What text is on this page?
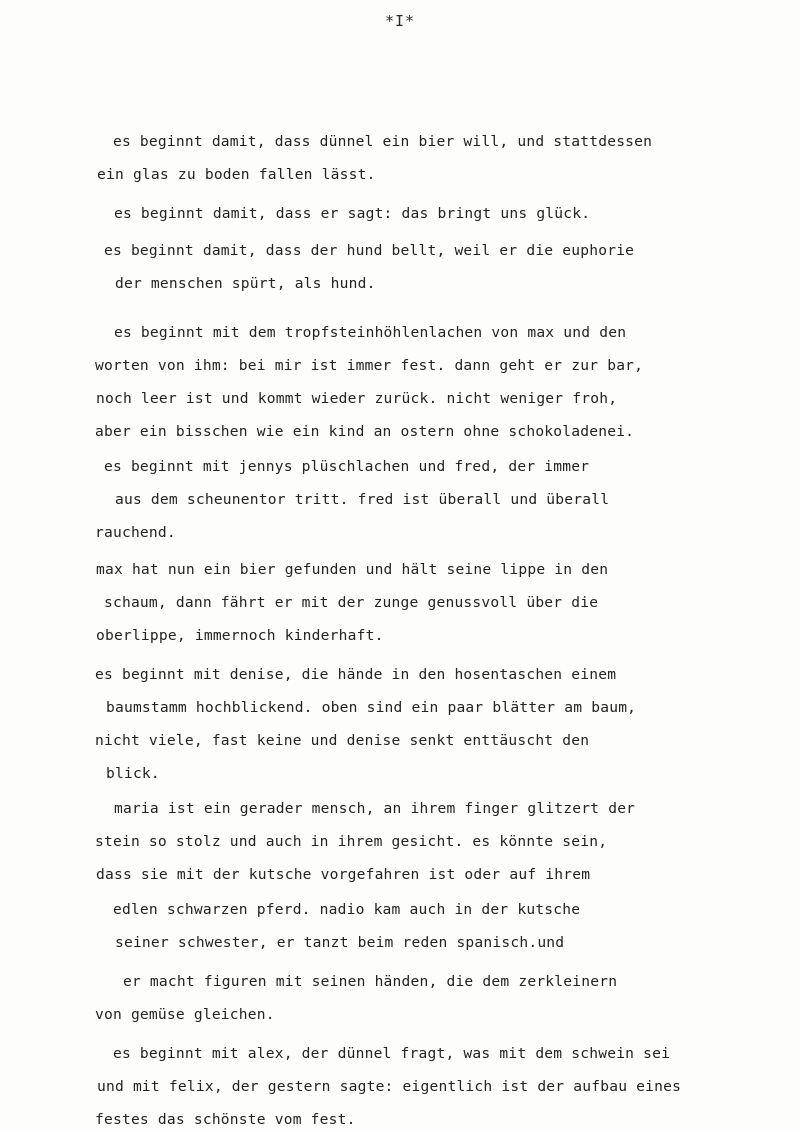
*I*
es beginnt damit, dass dünnel ein bier will, und stattdessen
ein glas zu boden fallen lässt.
es beginnt damit, dass er sagt: das bringt uns glück.
es beginnt damit, dass der hund bellt, weil er die euphorie
der menschen spürt, als hund.
es beginnt mit dem tropfsteinhöhlenlachen von max und den
worten von ihm: bei mir ist immer fest. dann geht er zur bar,
noch leer ist und kommt wieder zurück. nicht weniger froh,
aber ein bisschen wie ein kind an ostern ohne schokoladenei.
es beginnt mit jennys plüschlachen und fred, der immer
aus dem scheunentor tritt. fred ist überall und überall
rauchend.
max hat nun ein bier gefunden und hält seine lippe in den
schaum, dann fährt er mit der zunge genussvoll über die
oberlippe, immernoch kinderhaft.
es beginnt mit denise, die hände in den hosentaschen einem
baumstamm hochblickend. oben sind ein paar blätter am baum,
nicht viele, fast keine und denise senkt enttäuscht den
blick.
maria ist ein gerader mensch, an ihrem finger glitzert der
stein so stolz und auch in ihrem gesicht. es könnte sein,
dass sie mit der kutsche vorgefahren ist oder auf ihrem
edlen schwarzen pferd. nadio kam auch in der kutsche
seiner schwester, er tanzt beim reden spanisch.und
er macht figuren mit seinen händen, die dem zerkleinern
von gemüse gleichen.
es beginnt mit alex, der dünnel fragt, was mit dem schwein sei
und mit felix, der gestern sagte: eigentlich ist der aufbau eines
festes das schönste vom fest.
